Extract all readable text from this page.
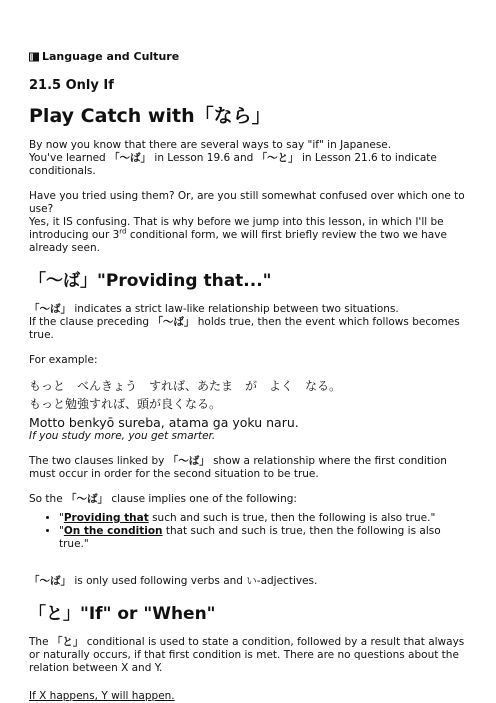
Language and Culture
21.5 Only If
Play Catch with「なら」

By now you know that there are several ways to say "if" in Japanese.
You've learned 「～ば」 in Lesson 19.6 and 「～と」 in Lesson 21.6 to indicate conditionals.

Have you tried using them? Or, are you still somewhat confused over which one to use?
Yes, it IS confusing. That is why before we jump into this lesson, in which I'll be introducing our 3rd conditional form, we will first briefly review the two we have already seen.

「～ば」"Providing that..."

「～ば」 indicates a strict law-like relationship between two situations.
If the clause preceding 「～ば」 holds true, then the event which follows becomes true.

For example:

もっと　べんきょう　すれば、あたま　が　よく　なる。

もっと勉強すれば、頭が良くなる。

Motto benkyō sureba, atama ga yoku naru.

If you study more, you get smarter.

The two clauses linked by 「～ば」 show a relationship where the first condition must occur in order for the second situation to be true.

So the 「～ば」 clause implies one of the following:

• "Providing that such and such is true, then the following is also true."
• "On the condition that such and such is true, then the following is also true."

「～ば」 is only used following verbs and い-adjectives.

「と」"If" or "When"

The 「と」 conditional is used to state a condition, followed by a result that always or naturally occurs, if that first condition is met. There are no questions about the relation between X and Y.

If X happens, Y will happen.
